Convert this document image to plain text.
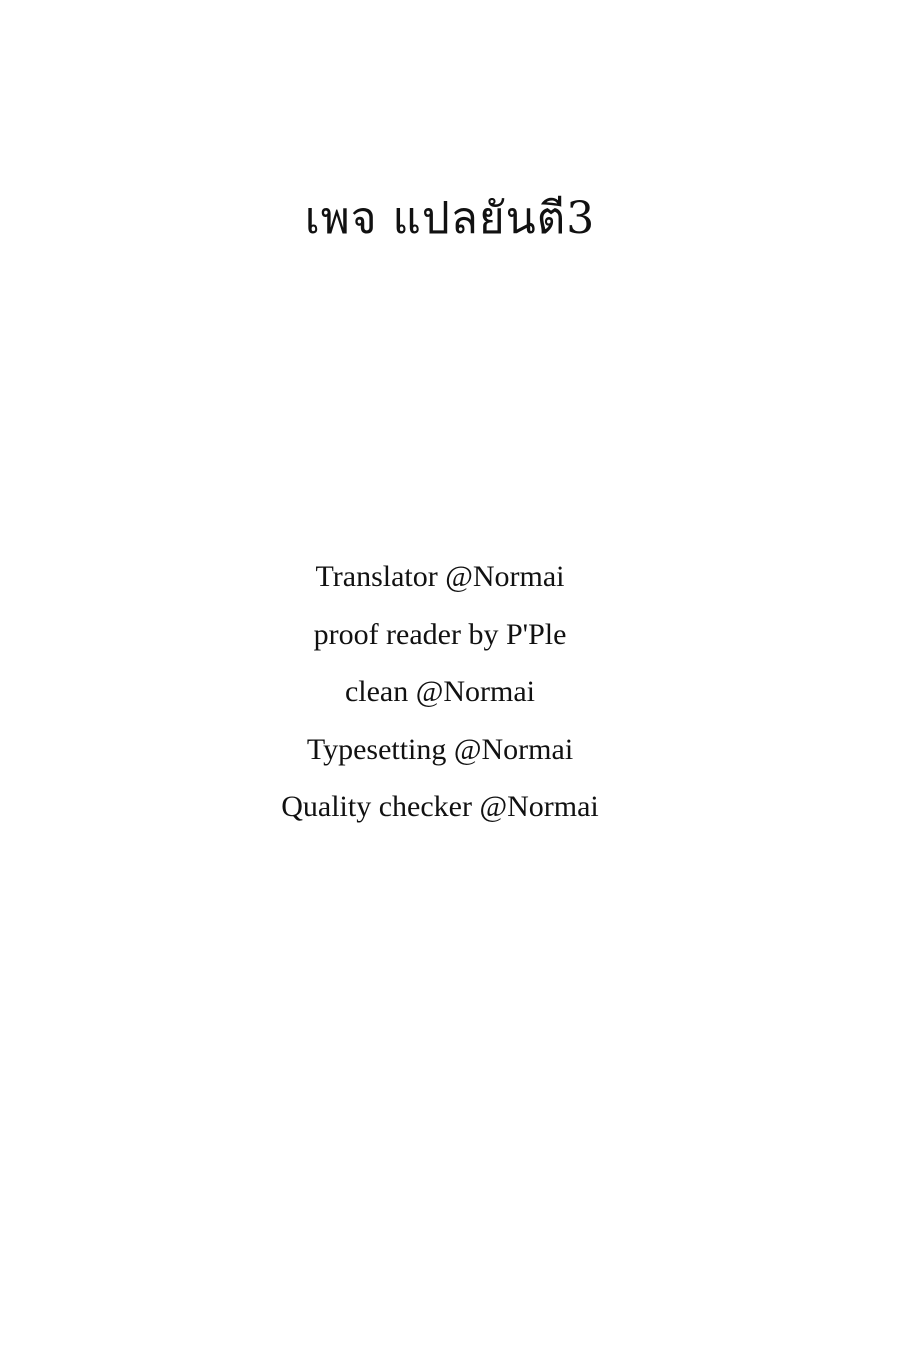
เพจ แปลยันตี3
Translator @Normai
proof reader by P'Ple
clean @Normai
Typesetting @Normai
Quality checker @Normai
